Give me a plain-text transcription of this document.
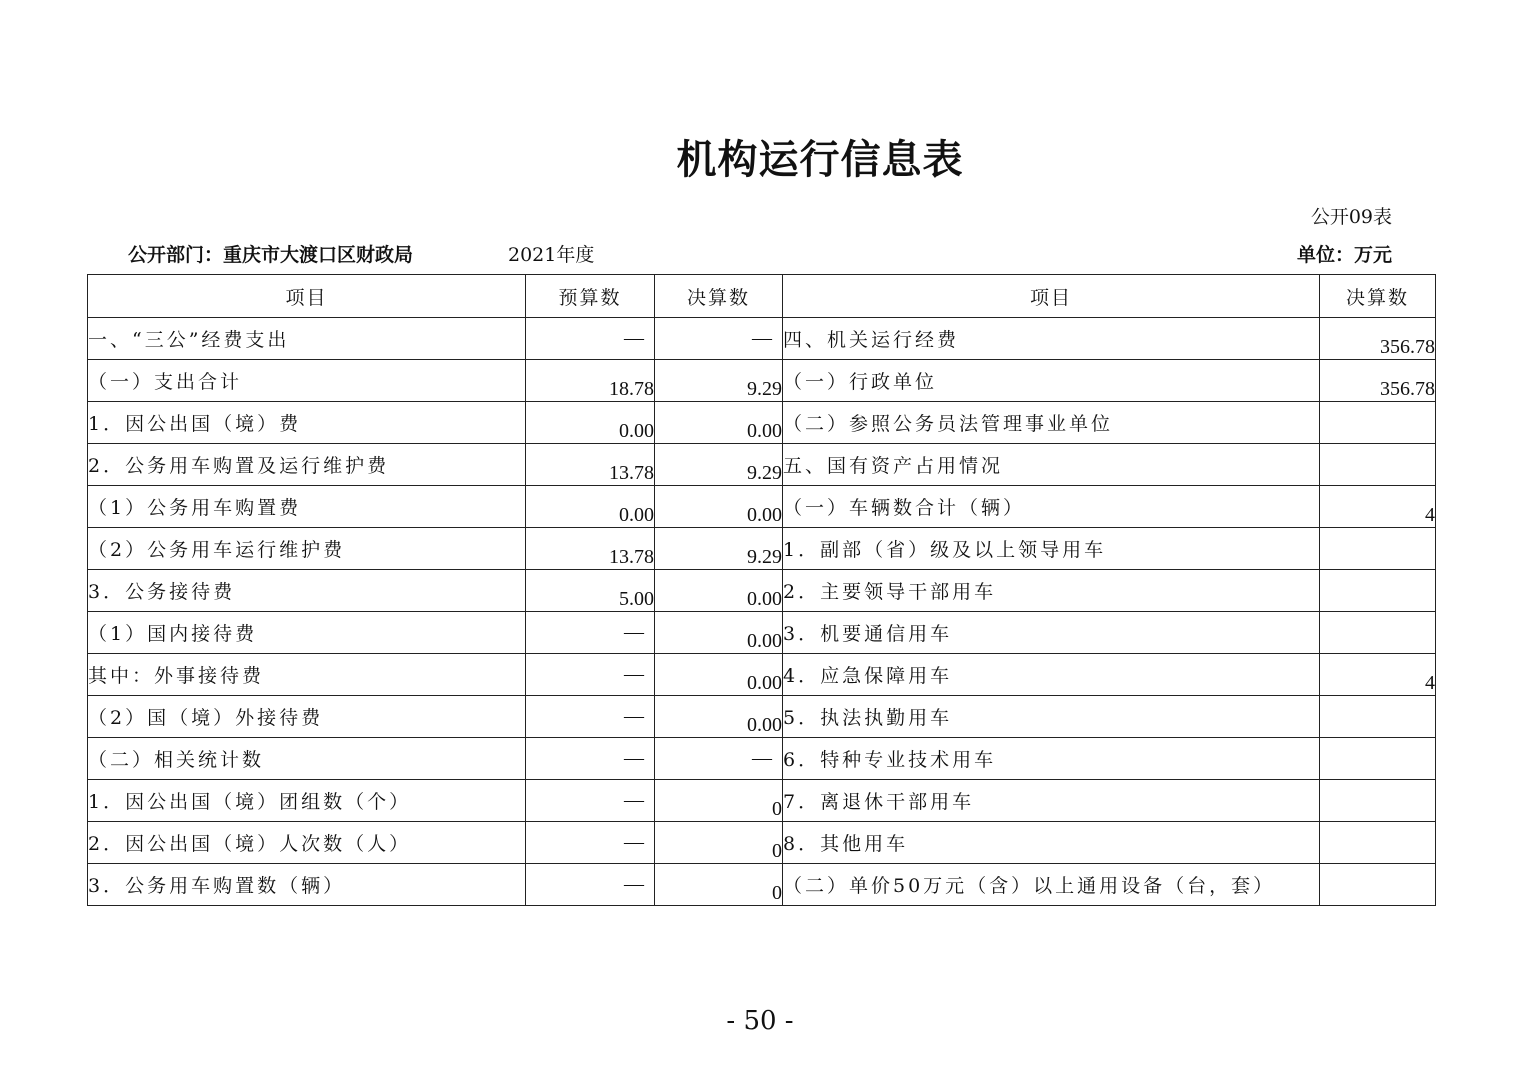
机构运行信息表
公开09表
公开部门：重庆市大渡口区财政局	2021年度	单位：万元
项目	预算数	决算数	项目	决算数
一、“三公”经费支出	—	—	四、机关运行经费	356.78
（一）支出合计	18.78	9.29	（一）行政单位	356.78
1．因公出国（境）费	0.00	0.00	（二）参照公务员法管理事业单位	
2．公务用车购置及运行维护费	13.78	9.29	五、国有资产占用情况	
（1）公务用车购置费	0.00	0.00	（一）车辆数合计（辆）	4
（2）公务用车运行维护费	13.78	9.29	1．副部（省）级及以上领导用车	
3．公务接待费	5.00	0.00	2．主要领导干部用车	
（1）国内接待费	—	0.00	3．机要通信用车	
其中：外事接待费	—	0.00	4．应急保障用车	4
（2）国（境）外接待费	—	0.00	5．执法执勤用车	
（二）相关统计数	—	—	6．特种专业技术用车	
1．因公出国（境）团组数（个）	—	0	7．离退休干部用车	
2．因公出国（境）人次数（人）	—	0	8．其他用车	
3．公务用车购置数（辆）	—	0	（二）单价50万元（含）以上通用设备（台，套）	
- 50 -
